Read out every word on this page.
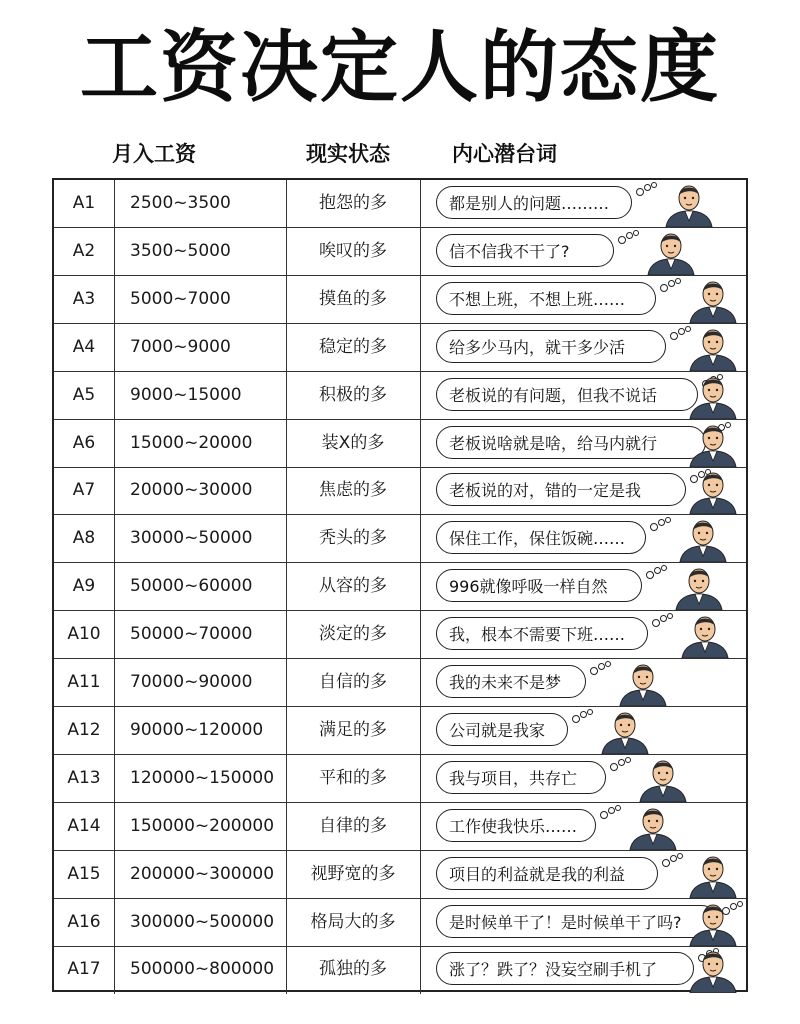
工资决定人的态度
月入工资	现实状态	内心潜台词
A1	2500~3500	抱怨的多	都是别人的问题………
A2	3500~5000	唉叹的多	信不信我不干了?
A3	5000~7000	摸鱼的多	不想上班，不想上班……
A4	7000~9000	稳定的多	给多少马内，就干多少活
A5	9000~15000	积极的多	老板说的有问题，但我不说话
A6	15000~20000	装X的多	老板说啥就是啥，给马内就行
A7	20000~30000	焦虑的多	老板说的对，错的一定是我
A8	30000~50000	秃头的多	保住工作，保住饭碗……
A9	50000~60000	从容的多	996就像呼吸一样自然
A10	50000~70000	淡定的多	我，根本不需要下班……
A11	70000~90000	自信的多	我的未来不是梦
A12	90000~120000	满足的多	公司就是我家
A13	120000~150000	平和的多	我与项目，共存亡
A14	150000~200000	自律的多	工作使我快乐……
A15	200000~300000	视野宽的多	项目的利益就是我的利益
A16	300000~500000	格局大的多	是时候单干了！是时候单干了吗?
A17	500000~800000	孤独的多	涨了？跌了？没妄空刷手机了
